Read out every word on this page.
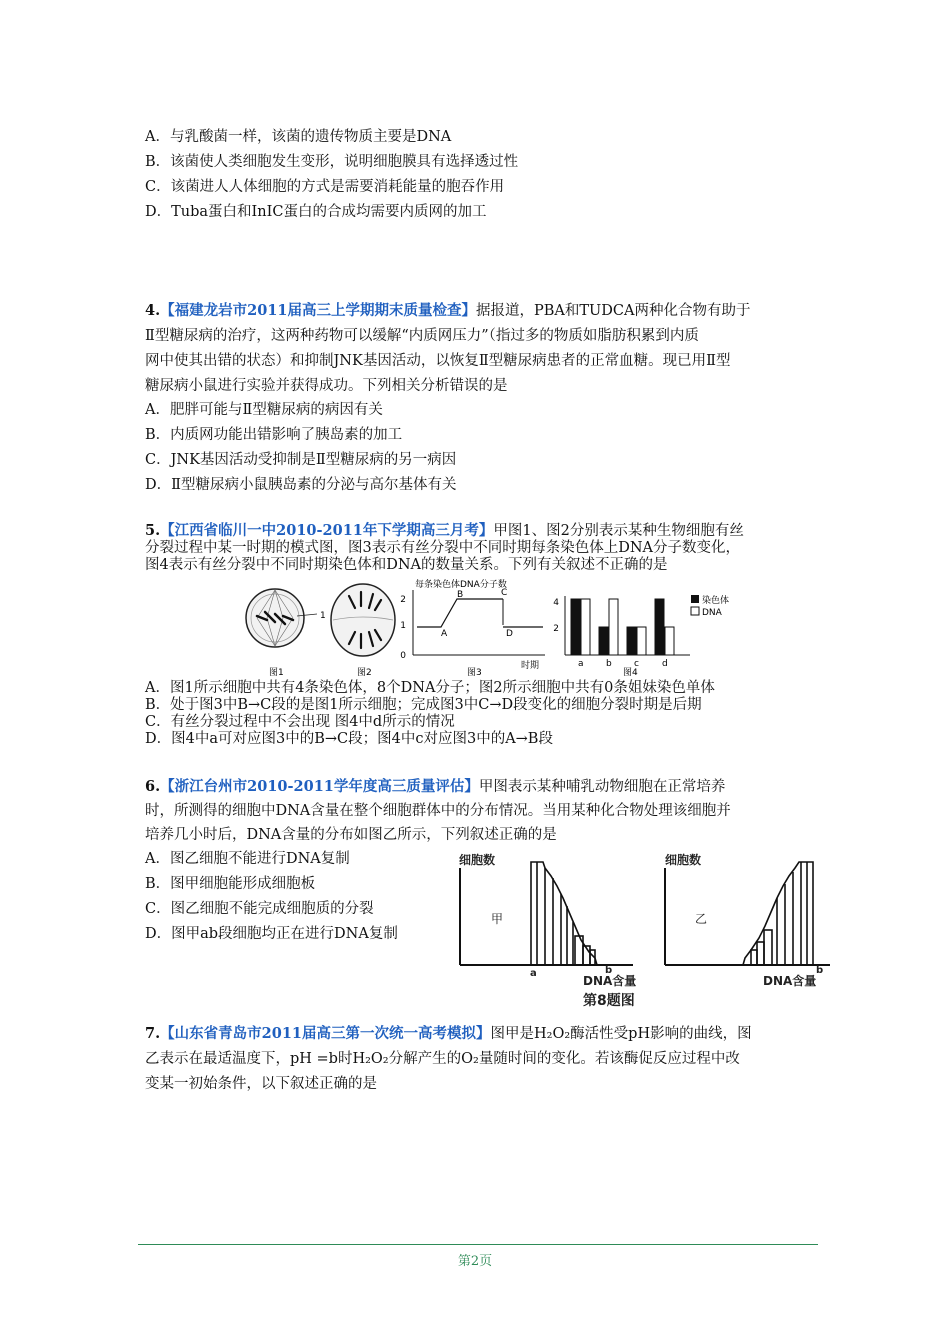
A．与乳酸菌一样，该菌的遗传物质主要是DNA
B．该菌使人类细胞发生变形，说明细胞膜具有选择透过性
C．该菌进人人体细胞的方式是需要消耗能量的胞吞作用
D．Tuba蛋白和InIC蛋白的合成均需要内质网的加工
4.【福建龙岩市2011届高三上学期期末质量检查】据报道，PBA和TUDCA两种化合物有助于
Ⅱ型糖尿病的治疗，这两种药物可以缓解“内质网压力”（指过多的物质如脂肪积累到内质
网中使其出错的状态）和抑制JNK基因活动，以恢复Ⅱ型糖尿病患者的正常血糖。现已用Ⅱ型
糖尿病小鼠进行实验并获得成功。下列相关分析错误的是
A．肥胖可能与Ⅱ型糖尿病的病因有关
B．内质网功能出错影响了胰岛素的加工
C．JNK基因活动受抑制是Ⅱ型糖尿病的另一病因
D．Ⅱ型糖尿病小鼠胰岛素的分泌与高尔基体有关
5.【江西省临川一中2010-2011年下学期高三月考】甲图1、图2分别表示某种生物细胞有丝
分裂过程中某一时期的模式图，图3表示有丝分裂中不同时期每条染色体上DNA分子数变化，
图4表示有丝分裂中不同时期染色体和DNA的数量关系。下列有关叙述不正确的是
1
图1	图2
0
1
2
每条染色体DNA分子数
时期
A
B	C
D
图3
2
4	染色体
DNA
图4
a b c	d
A．图1所示细胞中共有4条染色体，8个DNA分子；图2所示细胞中共有0条姐妹染色单体
B．处于图3中B→C段的是图1所示细胞；完成图3中C→D段变化的细胞分裂时期是后期
C．有丝分裂过程中不会出现 图4中d所示的情况
D．图4中a可对应图3中的B→C段；图4中c对应图3中的A→B段
6.【浙江台州市2010-2011学年度高三质量评估】甲图表示某种哺乳动物细胞在正常培养
时，所测得的细胞中DNA含量在整个细胞群体中的分布情况。当用某种化合物处理该细胞并
培养几小时后，DNA含量的分布如图乙所示，下列叙述正确的是
A．图乙细胞不能进行DNA复制
B．图甲细胞能形成细胞板
C．图乙细胞不能完成细胞质的分裂
D．图甲ab段细胞均正在进行DNA复制
细胞数
甲
a	b
DNA含量
细胞数
乙
b
DNA含量
第8题图
7.【山东省青岛市2011届高三第一次统一高考模拟】图甲是H₂O₂酶活性受pH影响的曲线，图
乙表示在最适温度下，pH =b时H₂O₂分解产生的O₂量随时间的变化。若该酶促反应过程中改
变某一初始条件，以下叙述正确的是
第2页
